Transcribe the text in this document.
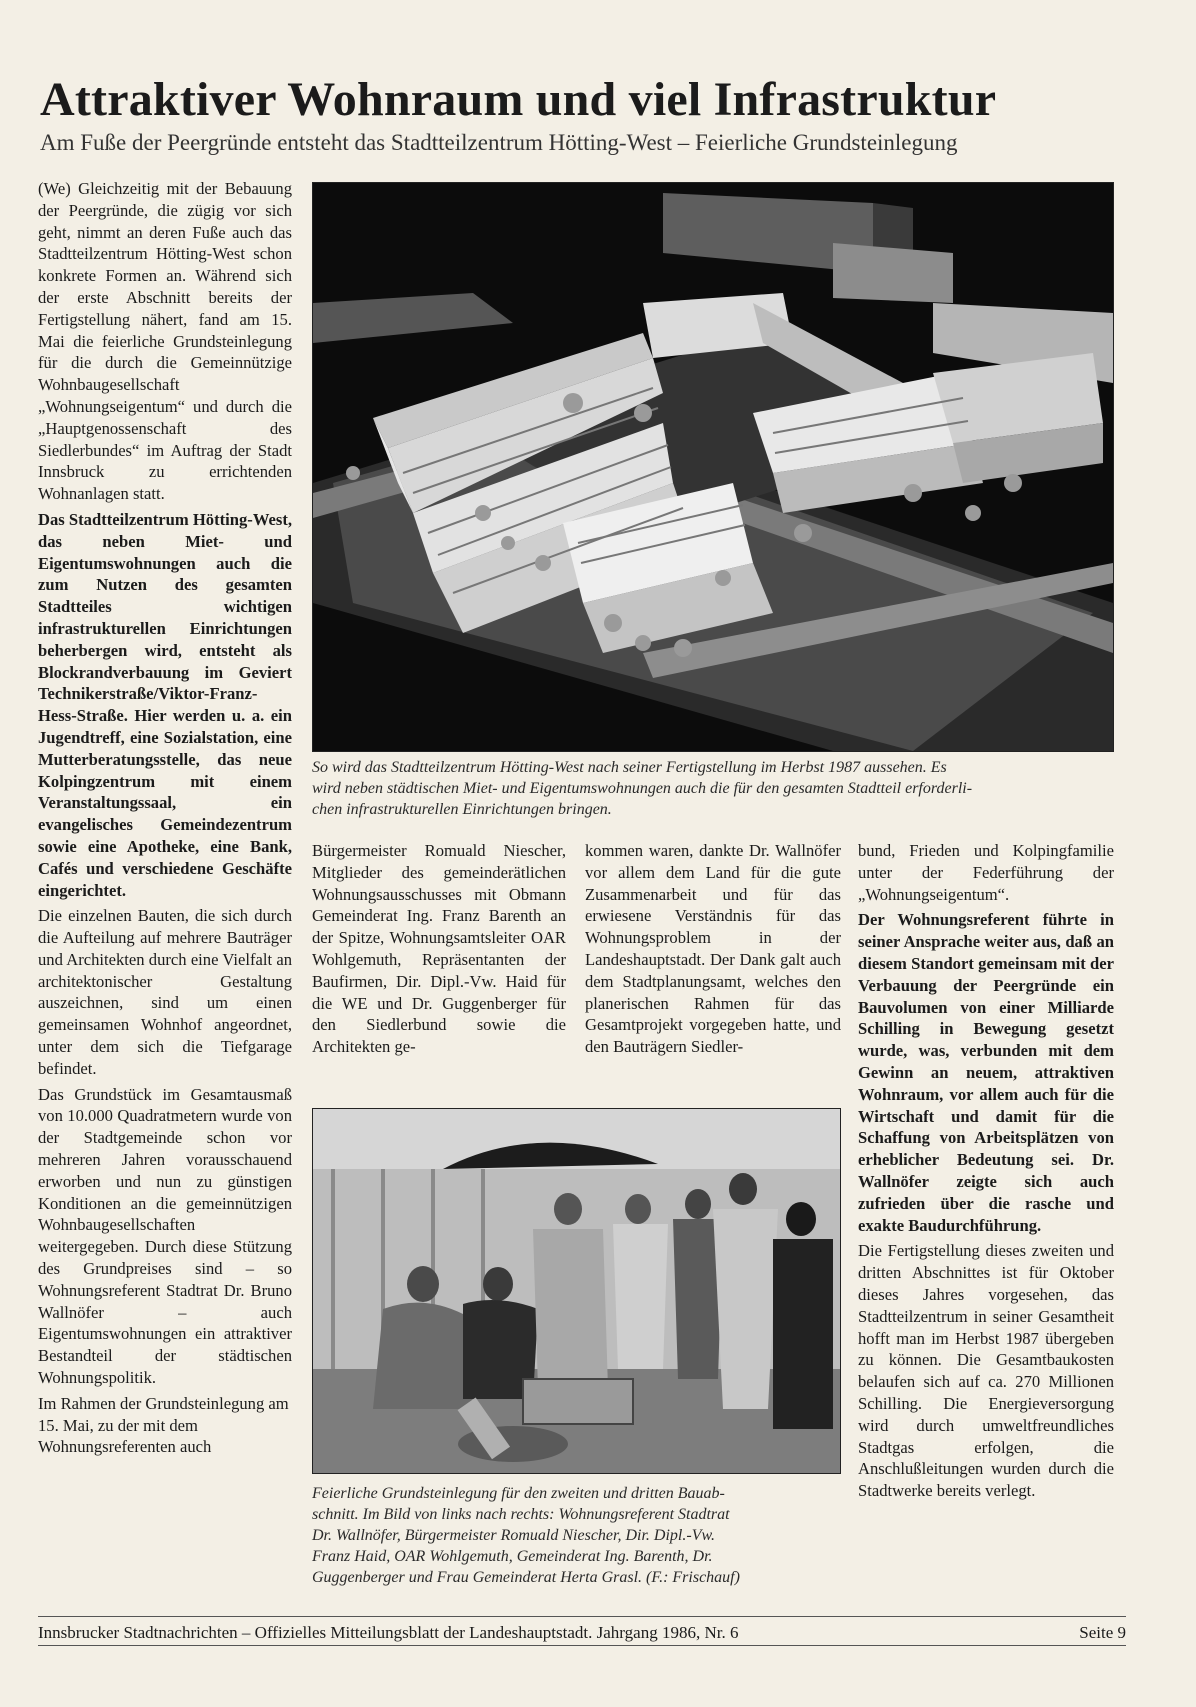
Attraktiver Wohnraum und viel Infrastruktur
Am Fuße der Peergründe entsteht das Stadtteilzentrum Hötting-West – Feierliche Grundsteinlegung

(We) Gleichzeitig mit der Bebauung der Peergründe, die zügig vor sich geht, nimmt an deren Fuße auch das Stadtteilzentrum Hötting-West schon konkrete Formen an. Während sich der erste Abschnitt bereits der Fertigstellung nähert, fand am 15. Mai die feierliche Grundsteinlegung für die durch die Gemeinnützige Wohnbaugesellschaft „Wohnungseigentum“ und durch die „Hauptgenossenschaft des Siedlerbundes“ im Auftrag der Stadt Innsbruck zu errichtenden Wohnanlagen statt.

Das Stadtteilzentrum Hötting-West, das neben Miet- und Eigentumswohnungen auch die zum Nutzen des gesamten Stadtteiles wichtigen infrastrukturellen Einrichtungen beherbergen wird, entsteht als Blockrandverbauung im Geviert Technikerstraße/Viktor-Franz-Hess-Straße. Hier werden u. a. ein Jugendtreff, eine Sozialstation, eine Mutterberatungsstelle, das neue Kolpingzentrum mit einem Veranstaltungssaal, ein evangelisches Gemeindezentrum sowie eine Apotheke, eine Bank, Cafés und verschiedene Geschäfte eingerichtet.

Die einzelnen Bauten, die sich durch die Aufteilung auf mehrere Bauträger und Architekten durch eine Vielfalt an architektonischer Gestaltung auszeichnen, sind um einen gemeinsamen Wohnhof angeordnet, unter dem sich die Tiefgarage befindet.

Das Grundstück im Gesamtausmaß von 10.000 Quadratmetern wurde von der Stadtgemeinde schon vor mehreren Jahren vorausschauend erworben und nun zu günstigen Konditionen an die gemeinnützigen Wohnbaugesellschaften weitergegeben. Durch diese Stützung des Grundpreises sind – so Wohnungsreferent Stadtrat Dr. Bruno Wallnöfer – auch Eigentumswohnungen ein attraktiver Bestandteil der städtischen Wohnungspolitik.

Im Rahmen der Grundsteinlegung am 15. Mai, zu der mit dem Wohnungsreferenten auch

So wird das Stadtteilzentrum Hötting-West nach seiner Fertigstellung im Herbst 1987 aussehen. Es
wird neben städtischen Miet- und Eigentumswohnungen auch die für den gesamten Stadtteil erforderli-
chen infrastrukturellen Einrichtungen bringen.

Bürgermeister Romuald Niescher, Mitglieder des gemeinderätlichen Wohnungsausschusses mit Obmann Gemeinderat Ing. Franz Barenth an der Spitze, Wohnungsamtsleiter OAR Wohlgemuth, Repräsentanten der Baufirmen, Dir. Dipl.-Vw. Haid für die WE und Dr. Guggenberger für den Siedlerbund sowie die Architekten ge-

kommen waren, dankte Dr. Wallnöfer vor allem dem Land für die gute Zusammenarbeit und für das erwiesene Verständnis für das Wohnungsproblem in der Landeshauptstadt. Der Dank galt auch dem Stadtplanungsamt, welches den planerischen Rahmen für das Gesamtprojekt vorgegeben hatte, und den Bauträgern Siedler-

Feierliche Grundsteinlegung für den zweiten und dritten Bauab-
schnitt. Im Bild von links nach rechts: Wohnungsreferent Stadtrat
Dr. Wallnöfer, Bürgermeister Romuald Niescher, Dir. Dipl.-Vw.
Franz Haid, OAR Wohlgemuth, Gemeinderat Ing. Barenth, Dr.
Guggenberger und Frau Gemeinderat Herta Grasl. (F.: Frischauf)

bund, Frieden und Kolpingfamilie unter der Federführung der „Wohnungseigentum“.

Der Wohnungsreferent führte in seiner Ansprache weiter aus, daß an diesem Standort gemeinsam mit der Verbauung der Peergründe ein Bauvolumen von einer Milliarde Schilling in Bewegung gesetzt wurde, was, verbunden mit dem Gewinn an neuem, attraktiven Wohnraum, vor allem auch für die Wirtschaft und damit für die Schaffung von Arbeitsplätzen von erheblicher Bedeutung sei. Dr. Wallnöfer zeigte sich auch zufrieden über die rasche und exakte Baudurchführung.

Die Fertigstellung dieses zweiten und dritten Abschnittes ist für Oktober dieses Jahres vorgesehen, das Stadtteilzentrum in seiner Gesamtheit hofft man im Herbst 1987 übergeben zu können. Die Gesamtbaukosten belaufen sich auf ca. 270 Millionen Schilling. Die Energieversorgung wird durch umweltfreundliches Stadtgas erfolgen, die Anschlußleitungen wurden durch die Stadtwerke bereits verlegt.

Innsbrucker Stadtnachrichten – Offizielles Mitteilungsblatt der Landeshauptstadt. Jahrgang 1986, Nr. 6	Seite 9
